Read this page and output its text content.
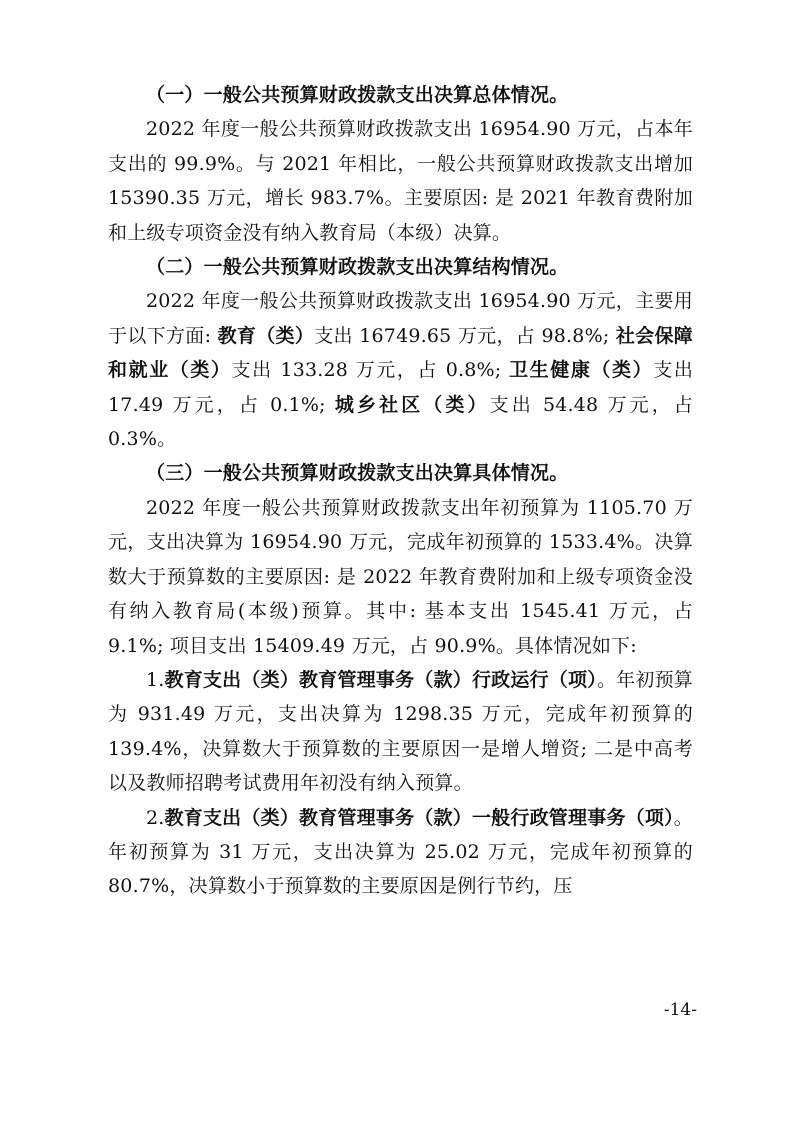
（一）一般公共预算财政拨款支出决算总体情况。

2022 年度一般公共预算财政拨款支出 16954.90 万元，占本年支出的 99.9%。与 2021 年相比，一般公共预算财政拨款支出增加 15390.35 万元，增长 983.7%。主要原因: 是 2021 年教育费附加和上级专项资金没有纳入教育局（本级）决算。

（二）一般公共预算财政拨款支出决算结构情况。

2022 年度一般公共预算财政拨款支出 16954.90 万元，主要用于以下方面: 教育（类）支出 16749.65 万元，占 98.8%; 社会保障和就业（类）支出 133.28 万元，占 0.8%; 卫生健康（类）支出 17.49 万元，占 0.1%; 城乡社区（类）支出 54.48 万元，占 0.3%。

（三）一般公共预算财政拨款支出决算具体情况。

2022 年度一般公共预算财政拨款支出年初预算为 1105.70 万元，支出决算为 16954.90 万元，完成年初预算的 1533.4%。决算数大于预算数的主要原因: 是 2022 年教育费附加和上级专项资金没有纳入教育局(本级)预算。其中: 基本支出 1545.41 万元，占 9.1%; 项目支出 15409.49 万元，占 90.9%。具体情况如下:

1.教育支出（类）教育管理事务（款）行政运行（项）。年初预算为 931.49 万元，支出决算为 1298.35 万元，完成年初预算的 139.4%，决算数大于预算数的主要原因一是增人增资; 二是中高考以及教师招聘考试费用年初没有纳入预算。

2.教育支出（类）教育管理事务（款）一般行政管理事务（项）。年初预算为 31 万元，支出决算为 25.02 万元，完成年初预算的 80.7%，决算数小于预算数的主要原因是例行节约，压

-14-
